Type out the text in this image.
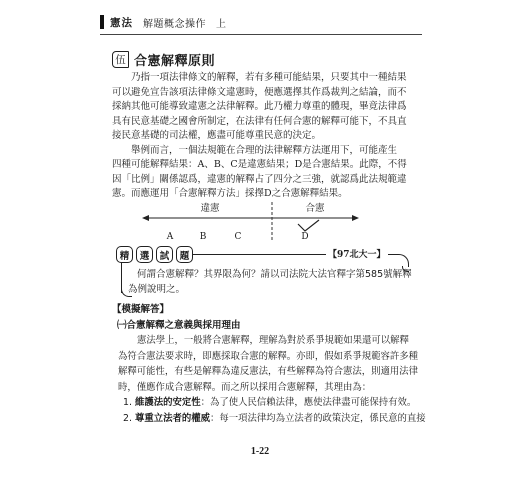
憲法 解題概念操作 上
伍 合憲解釋原則
乃指一項法律條文的解釋，若有多種可能結果，只要其中一種結果
可以避免宣告該項法律條文違憲時，便應選擇其作爲裁判之結論，而不
採納其他可能導致違憲之法律解釋。此乃權力尊重的體現，畢竟法律爲
具有民意基礎之國會所制定，在法律有任何合憲的解釋可能下，不具直
接民意基礎的司法權，應盡可能尊重民意的決定。
舉例而言，一個法規範在合理的法律解釋方法運用下，可能產生
四種可能解釋結果：A、B、C是違憲結果；D是合憲結果。此際，不得
因「比例」關係認爲，違憲的解釋占了四分之三強，就認爲此法規範違
憲。而應運用「合憲解釋方法」採擇D之合憲解釋結果。
違憲	合憲
A	B	C	D
精	選	試	題	【97北大一】
何謂合憲解釋？其界限為何？請以司法院大法官釋字第585號解釋
為例說明之。
【模擬解答】
㈠合憲解釋之意義與採用理由
憲法學上，一般將合憲解釋，理解為對於系爭規範如果還可以解釋
為符合憲法要求時，即應採取合憲的解釋。亦即，假如系爭規範容許多種
解釋可能性，有些是解釋為違反憲法，有些解釋為符合憲法，則適用法律
時，僅應作成合憲解釋。而之所以採用合憲解釋，其理由為：
1. 維護法的安定性：為了使人民信賴法律，應使法律盡可能保持有效。
2. 尊重立法者的權威：每一項法律均為立法者的政策決定，係民意的直接
1-22
